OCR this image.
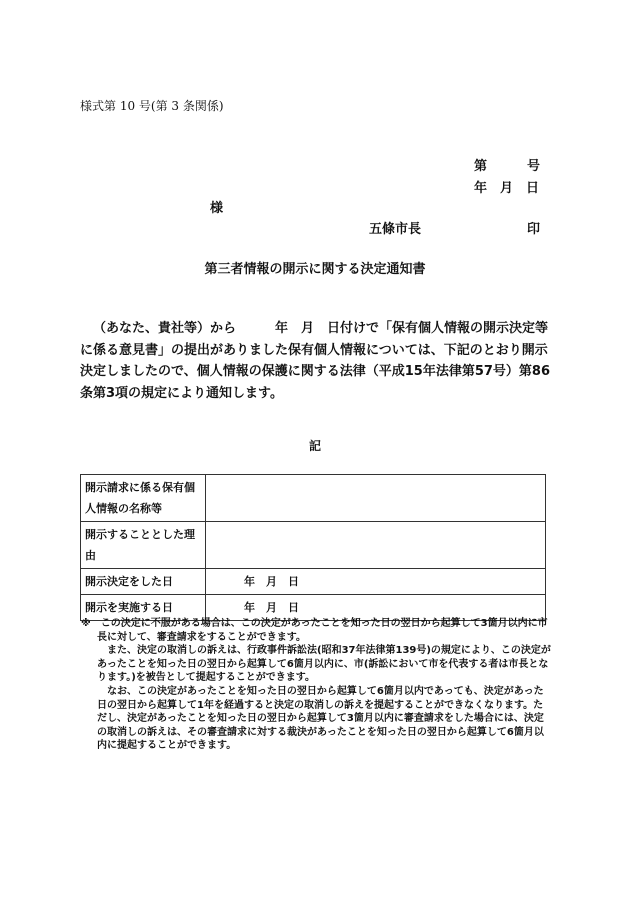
様式第 10 号(第 3 条関係)
第	号
年　月　日
様
五條市長	印
第三者情報の開示に関する決定通知書

（あなた、貴社等）から　　　年　月　日付けで「保有個人情報の開示決定等に係る意見書」の提出がありました保有個人情報については、下記のとおり開示決定しましたので、個人情報の保護に関する法律（平成15年法律第57号）第86条第3項の規定により通知します。

記
開示請求に係る保有個人情報の名称等	
開示することとした理由	
開示決定をした日	年　月　日
開示を実施する日	年　月　日

※　この決定に不服がある場合は、この決定があったことを知った日の翌日から起算して3箇月以内に市長に対して、審査請求をすることができます。

また、決定の取消しの訴えは、行政事件訴訟法(昭和37年法律第139号)の規定により、この決定があったことを知った日の翌日から起算して6箇月以内に、市(訴訟において市を代表する者は市長となります。)を被告として提起することができます。

なお、この決定があったことを知った日の翌日から起算して6箇月以内であっても、決定があった日の翌日から起算して1年を経過すると決定の取消しの訴えを提起することができなくなります。ただし、決定があったことを知った日の翌日から起算して3箇月以内に審査請求をした場合には、決定の取消しの訴えは、その審査請求に対する裁決があったことを知った日の翌日から起算して6箇月以内に提起することができます。
